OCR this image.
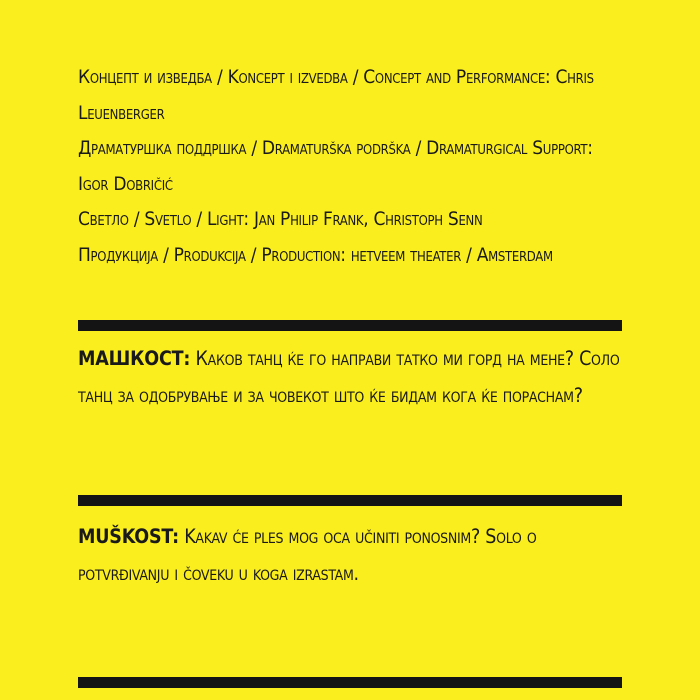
Концепт и изведба / Koncept i izvedba / Concept and Performance: Chris Leuenberger

Драматуршка поддршка / Dramaturška podrška / Dramaturgical Support: Igor Dobričić

Светло / Svetlo / Light: Jan Philip Frank, Christoph Senn

Продукција / Produkcija / Production: hetveem theater / Amsterdam

МАШКОСТ: Каков танц ќе го направи татко ми горд на мене? Соло танц за одобрување и за човекот што ќе бидам кога ќе пораснам?
MUŠKOST: Kakav će ples mog oca učiniti ponosnim? Solo o potvrđivanju i čoveku u koga izrastam.
